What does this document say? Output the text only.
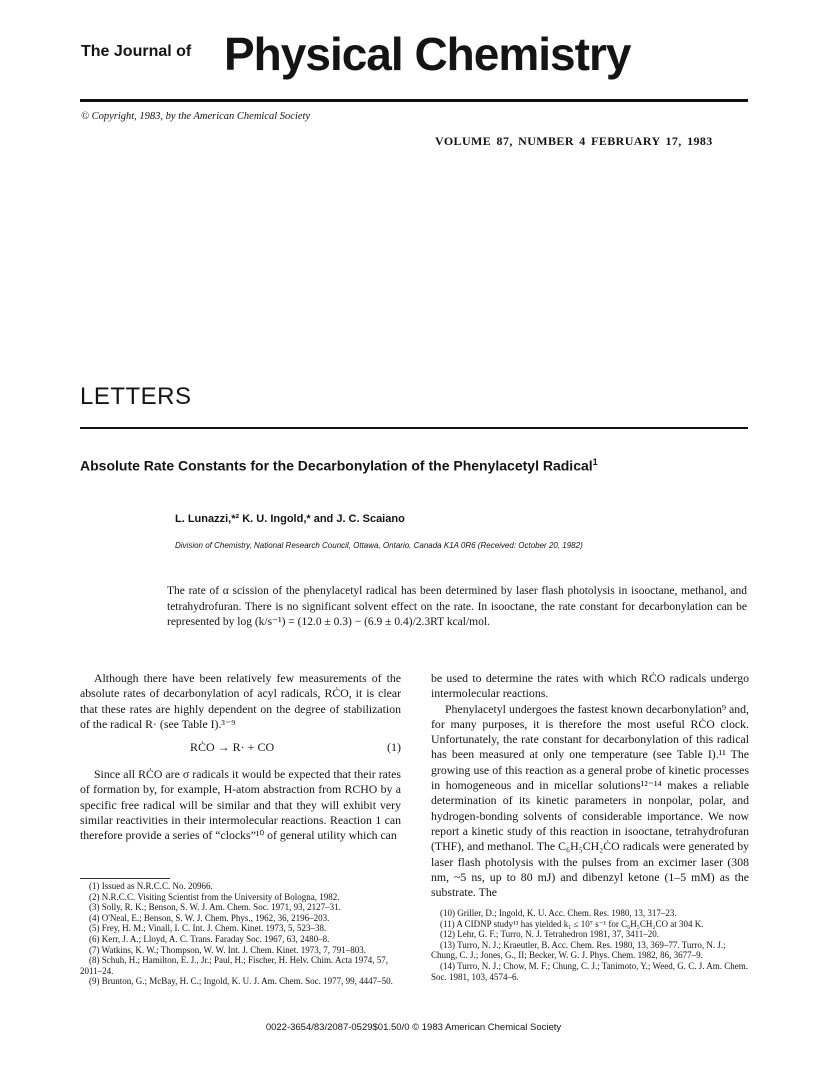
The Journal of Physical Chemistry
© Copyright, 1983, by the American Chemical Society
VOLUME 87, NUMBER 4 FEBRUARY 17, 1983
LETTERS
Absolute Rate Constants for the Decarbonylation of the Phenylacetyl Radical$^1$
L. Lunazzi,*² K. U. Ingold,* and J. C. Scaiano
Division of Chemistry, National Research Council, Ottawa, Ontario, Canada K1A 0R6 (Received: October 20, 1982)
The rate of α scission of the phenylacetyl radical has been determined by laser flash photolysis in isooctane, methanol, and tetrahydrofuran. There is no significant solvent effect on the rate. In isooctane, the rate constant for decarbonylation can be represented by log (k/s⁻¹) = (12.0 ± 0.3) − (6.9 ± 0.4)/2.3RT kcal/mol.

Although there have been relatively few measurements of the absolute rates of decarbonylation of acyl radicals, RĊO, it is clear that these rates are highly dependent on the degree of stabilization of the radical R· (see Table I).³⁻⁹

RĊO → R· + CO	(1)

Since all RĊO are σ radicals it would be expected that their rates of formation by, for example, H-atom abstraction from RCHO by a specific free radical will be similar and that they will exhibit very similar reactivities in their intermolecular reactions. Reaction 1 can therefore provide a series of “clocks”¹⁰ of general utility which can

be used to determine the rates with which RĊO radicals undergo intermolecular reactions.

Phenylacetyl undergoes the fastest known decarbonylation⁹ and, for many purposes, it is therefore the most useful RĊO clock. Unfortunately, the rate constant for decarbonylation of this radical has been measured at only one temperature (see Table I).¹¹ The growing use of this reaction as a general probe of kinetic processes in homogeneous and in micellar solutions¹²⁻¹⁴ makes a reliable determination of its kinetic parameters in nonpolar, polar, and hydrogen-bonding solvents of considerable importance. We now report a kinetic study of this reaction in isooctane, tetrahydrofuran (THF), and methanol. The C₆H₅CH₂ĊO radicals were generated by laser flash photolysis with the pulses from an excimer laser (308 nm, ~5 ns, up to 80 mJ) and dibenzyl ketone (1–5 mM) as the substrate. The

(1) Issued as N.R.C.C. No. 20966.
(2) N.R.C.C. Visiting Scientist from the University of Bologna, 1982.
(3) Solly, R. K.; Benson, S. W. J. Am. Chem. Soc. 1971, 93, 2127–31.
(4) O'Neal, E.; Benson, S. W. J. Chem. Phys., 1962, 36, 2196–203.
(5) Frey, H. M.; Vinall, I. C. Int. J. Chem. Kinet. 1973, 5, 523–38.
(6) Kerr, J. A.; Lloyd, A. C. Trans. Faraday Soc. 1967, 63, 2480–8.
(7) Watkins, K. W.; Thompson, W. W. Int. J. Chem. Kinet. 1973, 7, 791–803.
(8) Schuh, H.; Hamilton, E. J., Jr.; Paul, H.; Fischer, H. Helv. Chim. Acta 1974, 57, 2011–24.
(9) Brunton, G.; McBay, H. C.; Ingold, K. U. J. Am. Chem. Soc. 1977, 99, 4447–50.
(10) Griller, D.; Ingold, K. U. Acc. Chem. Res. 1980, 13, 317–23.
(11) A CIDNP study¹³ has yielded k₁ ≤ 10⁷ s⁻¹ for C₆H₅CH₂CO at 304 K.
(12) Lehr, G. F.; Turro, N. J. Tetrahedron 1981, 37, 3411–20.
(13) Turro, N. J.; Kraeutler, B. Acc. Chem. Res. 1980, 13, 369–77. Turro, N. J.; Chung, C. J.; Jones, G., II; Becker, W. G. J. Phys. Chem. 1982, 86, 3677–9.
(14) Turro, N. J.; Chow, M. F.; Chung, C. J.; Tanimoto, Y.; Weed, G. C. J. Am. Chem. Soc. 1981, 103, 4574–6.
0022-3654/83/2087-0529$01.50/0 © 1983 American Chemical Society
